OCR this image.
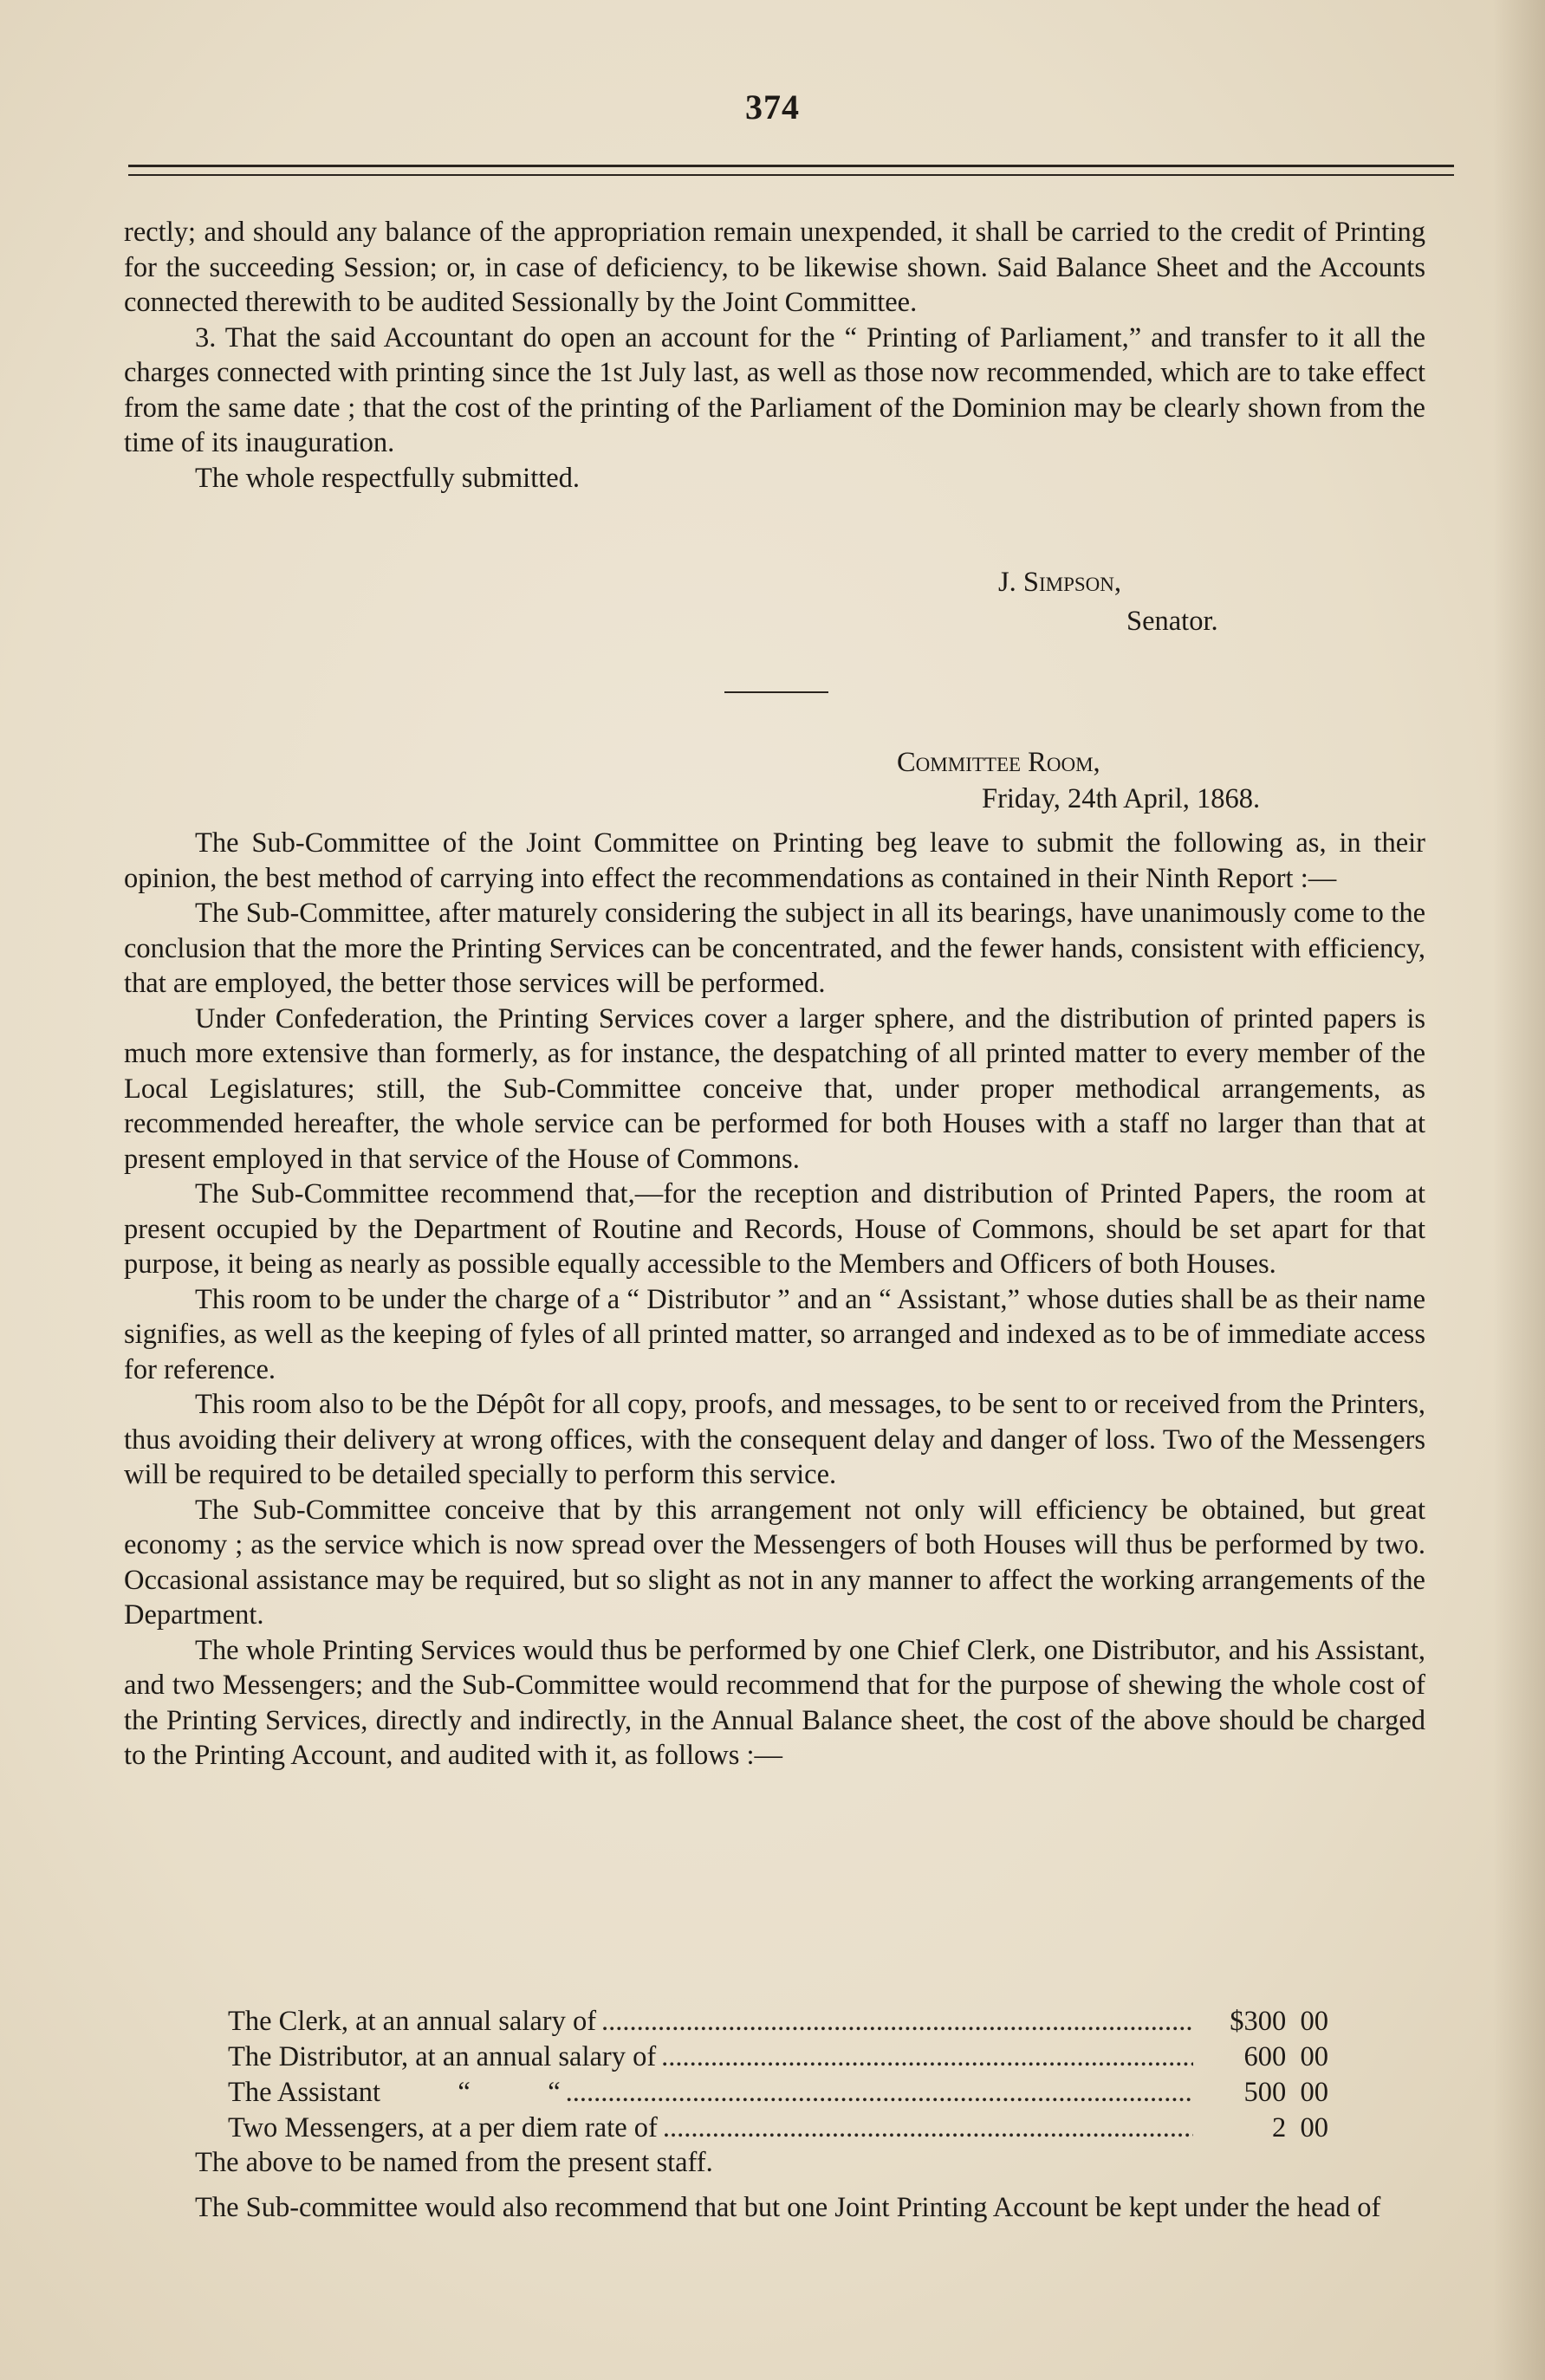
374

rectly; and should any balance of the appropriation remain unexpended, it shall be carried to the credit of Printing for the succeeding Session; or, in case of deficiency, to be likewise shown. Said Balance Sheet and the Accounts connected therewith to be audited Sessionally by the Joint Committee.

3. That the said Accountant do open an account for the “ Printing of Parliament,” and transfer to it all the charges connected with printing since the 1st July last, as well as those now recommended, which are to take effect from the same date ; that the cost of the printing of the Parliament of the Dominion may be clearly shown from the time of its inauguration.

The whole respectfully submitted.

J. Simpson,
Senator.
Committee Room,
Friday, 24th April, 1868.

The Sub-Committee of the Joint Committee on Printing beg leave to submit the following as, in their opinion, the best method of carrying into effect the recommendations as contained in their Ninth Report :—

The Sub-Committee, after maturely considering the subject in all its bearings, have unanimously come to the conclusion that the more the Printing Services can be concentrated, and the fewer hands, consistent with efficiency, that are employed, the better those services will be performed.

Under Confederation, the Printing Services cover a larger sphere, and the distribution of printed papers is much more extensive than formerly, as for instance, the despatching of all printed matter to every member of the Local Legislatures; still, the Sub-Committee conceive that, under proper methodical arrangements, as recommended hereafter, the whole service can be performed for both Houses with a staff no larger than that at present employed in that service of the House of Commons.

The Sub-Committee recommend that,—for the reception and distribution of Printed Papers, the room at present occupied by the Department of Routine and Records, House of Commons, should be set apart for that purpose, it being as nearly as possible equally accessible to the Members and Officers of both Houses.

This room to be under the charge of a “ Distributor ” and an “ Assistant,” whose duties shall be as their name signifies, as well as the keeping of fyles of all printed matter, so arranged and indexed as to be of immediate access for reference.

This room also to be the Dépôt for all copy, proofs, and messages, to be sent to or received from the Printers, thus avoiding their delivery at wrong offices, with the consequent delay and danger of loss. Two of the Messengers will be required to be detailed specially to perform this service.

The Sub-Committee conceive that by this arrangement not only will efficiency be obtained, but great economy ; as the service which is now spread over the Messengers of both Houses will thus be performed by two. Occasional assistance may be required, but so slight as not in any manner to affect the working arrangements of the Department.

The whole Printing Services would thus be performed by one Chief Clerk, one Distributor, and his Assistant, and two Messengers; and the Sub-Committee would recommend that for the purpose of shewing the whole cost of the Printing Services, directly and indirectly, in the Annual Balance sheet, the cost of the above should be charged to the Printing Account, and audited with it, as follows :—

The Clerk, at an annual salary of .....	$300  00
The Distributor, at an annual salary of .....	600  00
The Assistant           “           “ .....	500  00
Two Messengers, at a per diem rate of .....	2  00
The above to be named from the present staff.
The Sub-committee would also recommend that but one Joint Printing Account be kept under the head of
